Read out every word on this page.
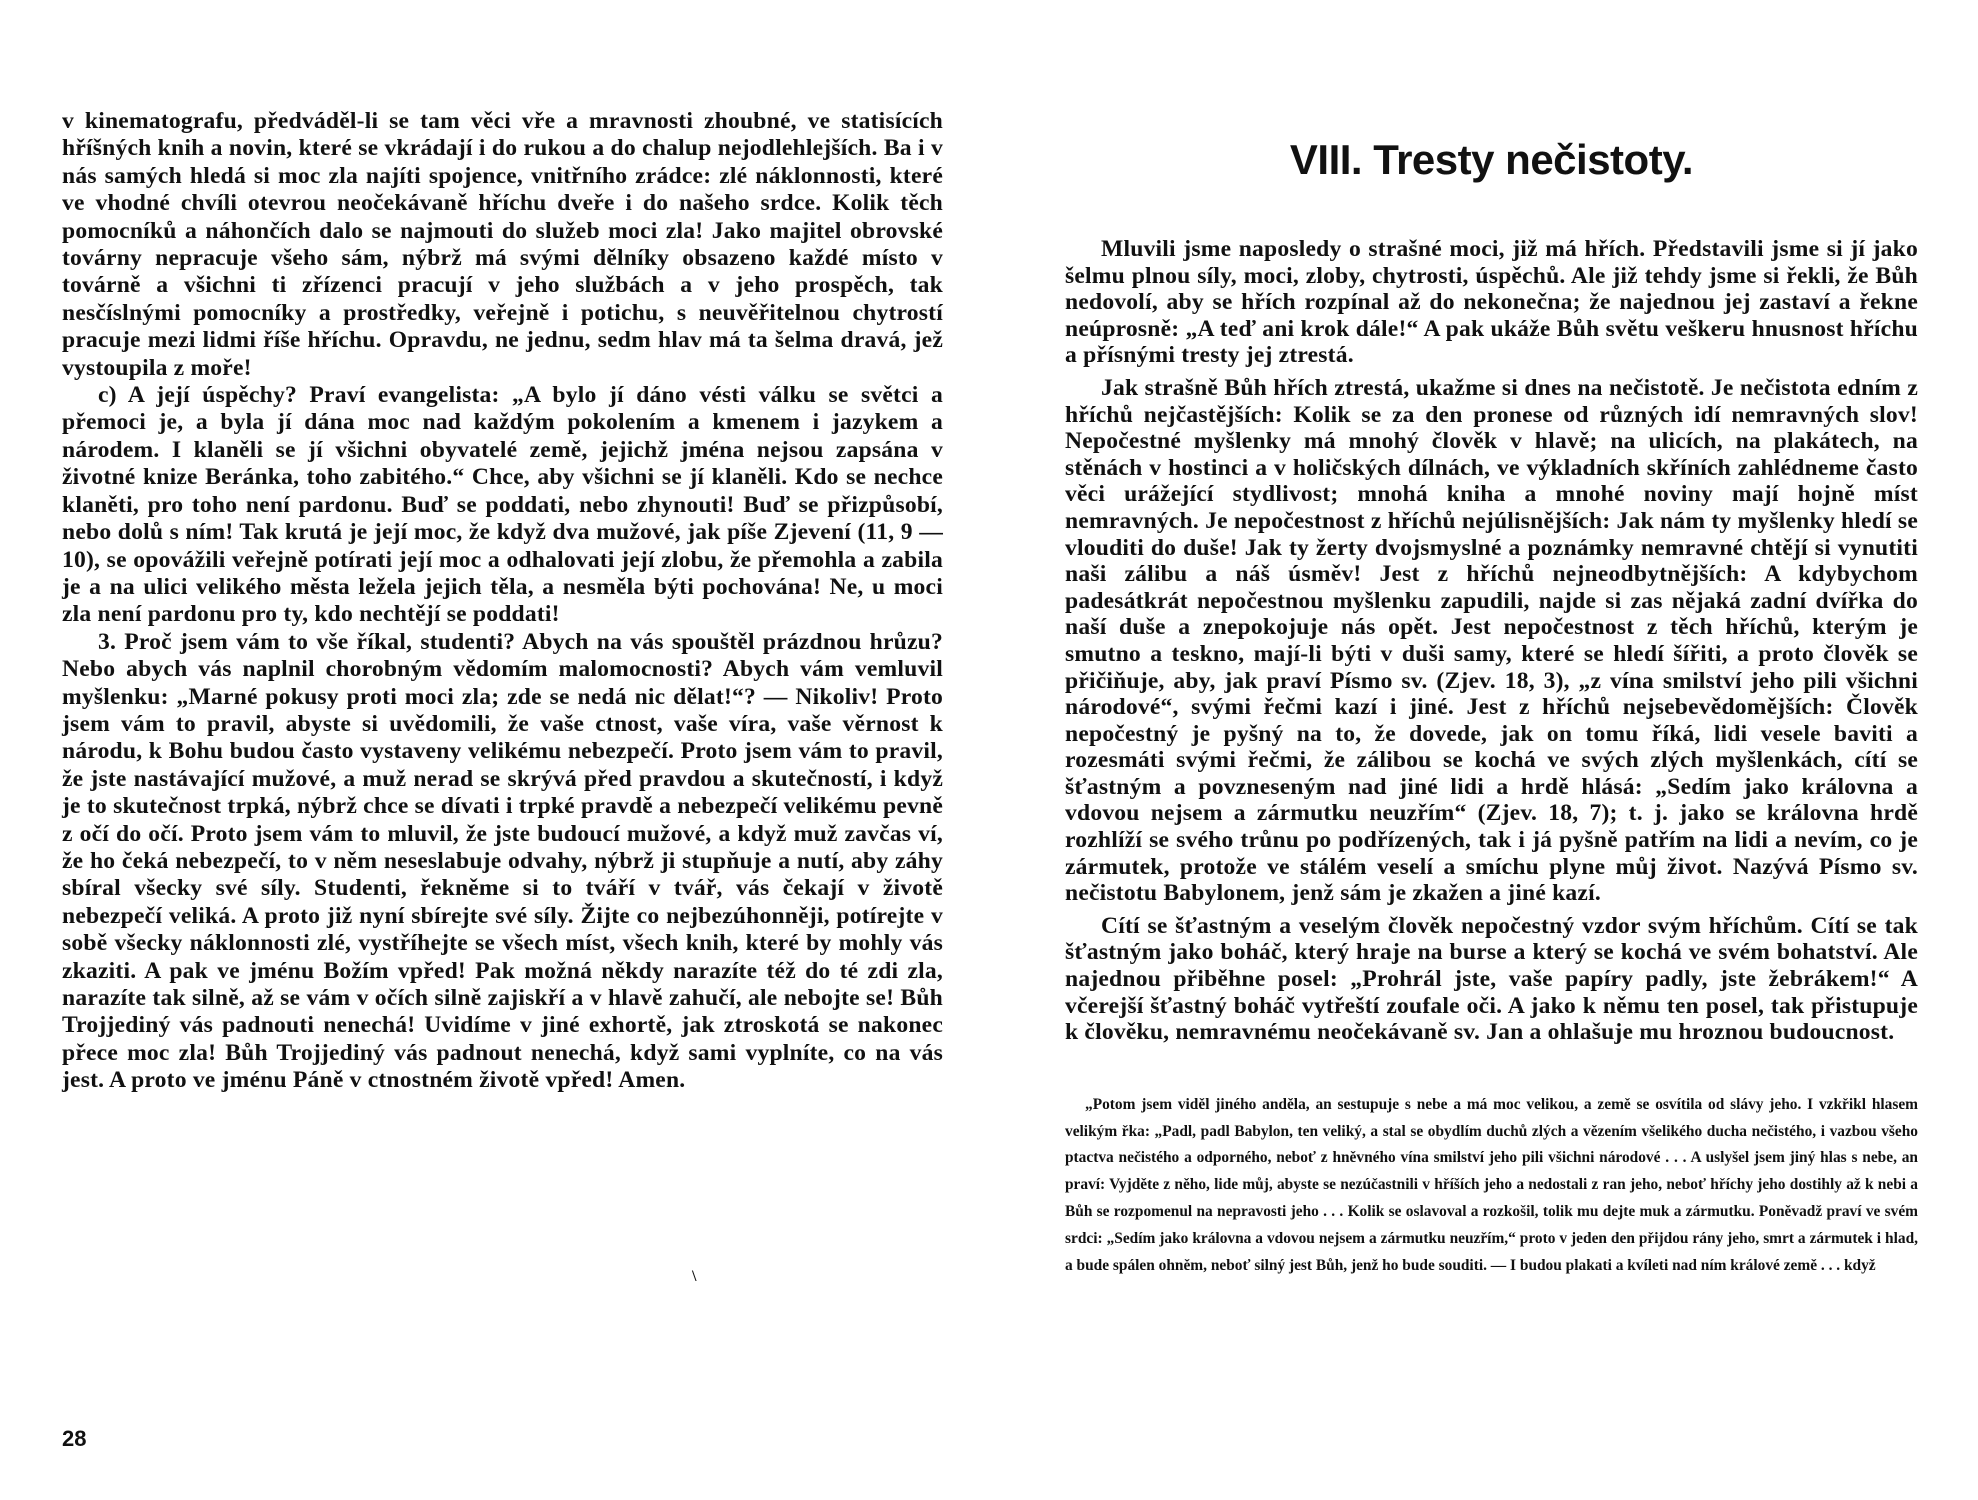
v kinematografu, předváděl-li se tam věci vře a mravnosti zhoubné, ve statisících hříšných knih a novin, které se vkrádají i do rukou a do chalup nejodlehlejších. Ba i v nás samých hledá si moc zla najíti spojence, vnitřního zrádce: zlé náklonnosti, které ve vhodné chvíli otevrou neočekávaně hříchu dveře i do našeho srdce. Kolik těch pomocníků a náhončích dalo se najmouti do služeb moci zla! Jako majitel obrovské továrny nepracuje všeho sám, nýbrž má svými dělníky obsazeno každé místo v továrně a všichni ti zřízenci pracují v jeho službách a v jeho prospěch, tak nesčíslnými pomocníky a prostředky, veřejně i potichu, s neuvěřitelnou chytrostí pracuje mezi lidmi říše hříchu. Opravdu, ne jednu, sedm hlav má ta šelma dravá, jež vystoupila z moře!

c) A její úspěchy? Praví evangelista: „A bylo jí dáno vésti válku se světci a přemoci je, a byla jí dána moc nad každým pokolením a kmenem i jazykem a národem. I klaněli se jí všichni obyvatelé země, jejichž jména nejsou zapsána v životné knize Beránka, toho zabitého.“ Chce, aby všichni se jí klaněli. Kdo se nechce klaněti, pro toho není pardonu. Buď se poddati, nebo zhynouti! Buď se přizpůsobí, nebo dolů s ním! Tak krutá je její moc, že když dva mužové, jak píše Zjevení (11, 9 — 10), se opovážili veřejně potírati její moc a odhalovati její zlobu, že přemohla a zabila je a na ulici velikého města ležela jejich těla, a nesměla býti pochována! Ne, u moci zla není pardonu pro ty, kdo nechtějí se poddati!

3. Proč jsem vám to vše říkal, studenti? Abych na vás spouštěl prázdnou hrůzu? Nebo abych vás naplnil chorobným vědomím malomocnosti? Abych vám vemluvil myšlenku: „Marné pokusy proti moci zla; zde se nedá nic dělat!“? — Nikoliv! Proto jsem vám to pravil, abyste si uvědomili, že vaše ctnost, vaše víra, vaše věrnost k národu, k Bohu budou často vystaveny velikému nebezpečí. Proto jsem vám to pravil, že jste nastávající mužové, a muž nerad se skrývá před pravdou a skutečností, i když je to skutečnost trpká, nýbrž chce se dívati i trpké pravdě a nebezpečí velikému pevně z očí do očí. Proto jsem vám to mluvil, že jste budoucí mužové, a když muž zavčas ví, že ho čeká nebezpečí, to v něm neseslabuje odvahy, nýbrž ji stupňuje a nutí, aby záhy sbíral všecky své síly. Studenti, řekněme si to tváří v tvář, vás čekají v životě nebezpečí veliká. A proto již nyní sbírejte své síly. Žijte co nejbezúhonněji, potírejte v sobě všecky náklonnosti zlé, vystříhejte se všech míst, všech knih, které by mohly vás zkaziti. A pak ve jménu Božím vpřed! Pak možná někdy narazíte též do té zdi zla, narazíte tak silně, až se vám v očích silně zajiskří a v hlavě zahučí, ale nebojte se! Bůh Trojjediný vás padnouti nenechá! Uvidíme v jiné exhortě, jak ztroskotá se nakonec přece moc zla! Bůh Trojjediný vás padnout nenechá, když sami vyplníte, co na vás jest. A proto ve jménu Páně v ctnostném životě vpřed! Amen.

\
28
VIII. Tresty nečistoty.

Mluvili jsme naposledy o strašné moci, již má hřích. Představili jsme si jí jako šelmu plnou síly, moci, zloby, chytrosti, úspěchů. Ale již tehdy jsme si řekli, že Bůh nedovolí, aby se hřích rozpínal až do nekonečna; že najednou jej zastaví a řekne neúprosně: „A teď ani krok dále!“ A pak ukáže Bůh světu veškeru hnusnost hříchu a přísnými tresty jej ztrestá.

Jak strašně Bůh hřích ztrestá, ukažme si dnes na nečistotě. Je nečistota edním z hříchů nejčastějších: Kolik se za den pronese od různých idí nemravných slov! Nepočestné myšlenky má mnohý člověk v hlavě; na ulicích, na plakátech, na stěnách v hostinci a v holičských dílnách, ve výkladních skříních zahlédneme často věci urážející stydlivost; mnohá kniha a mnohé noviny mají hojně míst nemravných. Je nepočestnost z hříchů nejúlisnějších: Jak nám ty myšlenky hledí se vlouditi do duše! Jak ty žerty dvojsmyslné a poznámky nemravné chtějí si vynutiti naši zálibu a náš úsměv! Jest z hříchů nejneodbytnějších: A kdybychom padesátkrát nepočestnou myšlenku zapudili, najde si zas nějaká zadní dvířka do naší duše a znepokojuje nás opět. Jest nepočestnost z těch hříchů, kterým je smutno a teskno, mají-li býti v duši samy, které se hledí šířiti, a proto člověk se přičiňuje, aby, jak praví Písmo sv. (Zjev. 18, 3), „z vína smilství jeho pili všichni národové“, svými řečmi kazí i jiné. Jest z hříchů nejsebevědomějších: Člověk nepočestný je pyšný na to, že dovede, jak on tomu říká, lidi vesele baviti a rozesmáti svými řečmi, že zálibou se kochá ve svých zlých myšlenkách, cítí se šťastným a povzneseným nad jiné lidi a hrdě hlásá: „Sedím jako královna a vdovou nejsem a zármutku neuzřím“ (Zjev. 18, 7); t. j. jako se královna hrdě rozhlíží se svého trůnu po podřízených, tak i já pyšně patřím na lidi a nevím, co je zármutek, protože ve stálém veselí a smíchu plyne můj život. Nazývá Písmo sv. nečistotu Babylonem, jenž sám je zkažen a jiné kazí.

Cítí se šťastným a veselým člověk nepočestný vzdor svým hříchům. Cítí se tak šťastným jako boháč, který hraje na burse a který se kochá ve svém bohatství. Ale najednou přiběhne posel: „Prohrál jste, vaše papíry padly, jste žebrákem!“ A včerejší šťastný boháč vytřeští zoufale oči. A jako k němu ten posel, tak přistupuje k člověku, nemravnému neočekávaně sv. Jan a ohlašuje mu hroznou budoucnost.

„Potom jsem viděl jiného anděla, an sestupuje s nebe a má moc velikou, a země se osvítila od slávy jeho. I vzkřikl hlasem velikým řka: „Padl, padl Babylon, ten veliký, a stal se obydlím duchů zlých a vězením všelikého ducha nečistého, i vazbou všeho ptactva nečistého a odporného, neboť z hněvného vína smilství jeho pili všichni národové . . . A uslyšel jsem jiný hlas s nebe, an praví: Vyjděte z něho, lide můj, abyste se nezúčastnili v hříších jeho a nedostali z ran jeho, neboť hříchy jeho dostihly až k nebi a Bůh se rozpomenul na nepravosti jeho . . . Kolik se oslavoval a rozkošil, tolik mu dejte muk a zármutku. Poněvadž praví ve svém srdci: „Sedím jako královna a vdovou nejsem a zármutku neuzřím,“ proto v jeden den přijdou rány jeho, smrt a zármutek i hlad, a bude spálen ohněm, neboť silný jest Bůh, jenž ho bude souditi. — I budou plakati a kvíleti nad ním králové země . . . když
